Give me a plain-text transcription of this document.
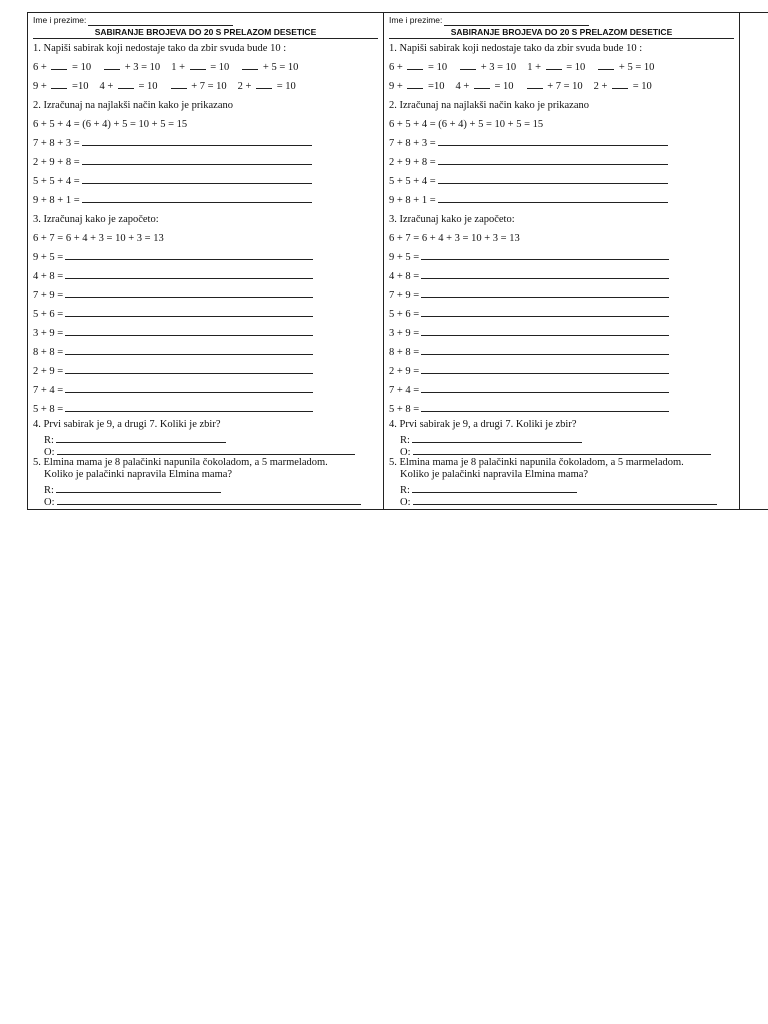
Ime i prezime:
SABIRANJE BROJEVA DO 20 S PRELAZOM DESETICE
1. Napiši sabirak koji nedostaje tako da zbir svuda bude 10 :
6 +  = 10	+ 3 = 10 1 +  = 10	+ 5 = 10
9 +  =10 4 +  = 10	+ 7 = 10 2 +  = 10
2. Izračunaj na najlakši način kako je prikazano
6 + 5 + 4 = (6 + 4) + 5 = 10 + 5 = 15
7 + 8 + 3 =
2 + 9 + 8 =
5 + 5 + 4 =
9 + 8 + 1 =
3. Izračunaj kako je započeto:
6 + 7 = 6 + 4 + 3 = 10 + 3 = 13
9 + 5 =
4 + 8 =
7 + 9 =
5 + 6 =
3 + 9 =
8 + 8 =
2 + 9 =
7 + 4 =
5 + 8 =
4. Prvi sabirak je 9, a drugi 7. Koliki je zbir?
R:
O:
5. Elmina mama je 8 palačinki napunila čokoladom, a 5 marmeladom.
Koliko je palačinki napravila Elmina mama?
R:
O:
Ime i prezime:
SABIRANJE BROJEVA DO 20 S PRELAZOM DESETICE
1. Napiši sabirak koji nedostaje tako da zbir svuda bude 10 :
6 +  = 10	+ 3 = 10 1 +  = 10	+ 5 = 10
9 +  =10 4 +  = 10	+ 7 = 10 2 +  = 10
2. Izračunaj na najlakši način kako je prikazano
6 + 5 + 4 = (6 + 4) + 5 = 10 + 5 = 15
7 + 8 + 3 =
2 + 9 + 8 =
5 + 5 + 4 =
9 + 8 + 1 =
3. Izračunaj kako je započeto:
6 + 7 = 6 + 4 + 3 = 10 + 3 = 13
9 + 5 =
4 + 8 =
7 + 9 =
5 + 6 =
3 + 9 =
8 + 8 =
2 + 9 =
7 + 4 =
5 + 8 =
4. Prvi sabirak je 9, a drugi 7. Koliki je zbir?
R:
O:
5. Elmina mama je 8 palačinki napunila čokoladom, a 5 marmeladom.
Koliko je palačinki napravila Elmina mama?
R:
O:
